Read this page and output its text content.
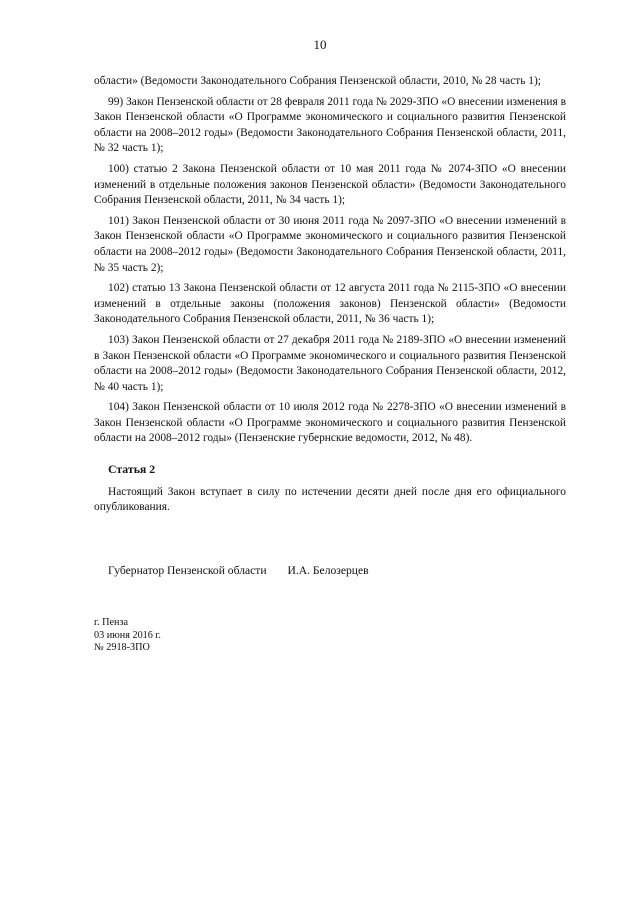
10

области» (Ведомости Законодательного Собрания Пензенской области, 2010, № 28 часть 1);

99) Закон Пензенской области от 28 февраля 2011 года № 2029-ЗПО «О внесении изменения в Закон Пензенской области «О Программе экономического и социального развития Пензенской области на 2008–2012 годы» (Ведомости Законодательного Собрания Пензенской области, 2011, № 32 часть 1);

100) статью 2 Закона Пензенской области от 10 мая 2011 года № 2074-ЗПО «О внесении изменений в отдельные положения законов Пензенской области» (Ведомости Законодательного Собрания Пензенской области, 2011, № 34 часть 1);

101) Закон Пензенской области от 30 июня 2011 года № 2097-ЗПО «О внесении изменений в Закон Пензенской области «О Программе экономического и социального развития Пензенской области на 2008–2012 годы» (Ведомости Законодательного Собрания Пензенской области, 2011, № 35 часть 2);

102) статью 13 Закона Пензенской области от 12 августа 2011 года № 2115-ЗПО «О внесении изменений в отдельные законы (положения законов) Пензенской области» (Ведомости Законодательного Собрания Пензенской области, 2011, № 36 часть 1);

103) Закон Пензенской области от 27 декабря 2011 года № 2189-ЗПО «О внесении изменений в Закон Пензенской области «О Программе экономического и социального развития Пензенской области на 2008–2012 годы» (Ведомости Законодательного Собрания Пензенской области, 2012, № 40 часть 1);

104) Закон Пензенской области от 10 июля 2012 года № 2278-ЗПО «О внесении изменений в Закон Пензенской области «О Программе экономического и социального развития Пензенской области на 2008–2012 годы» (Пензенские губернские ведомости, 2012, № 48).

Статья 2

Настоящий Закон вступает в силу по истечении десяти дней после дня его официального опубликования.

Губернатор Пензенской области И.А. Белозерцев
г. Пенза
03 июня 2016 г.
№ 2918-ЗПО
